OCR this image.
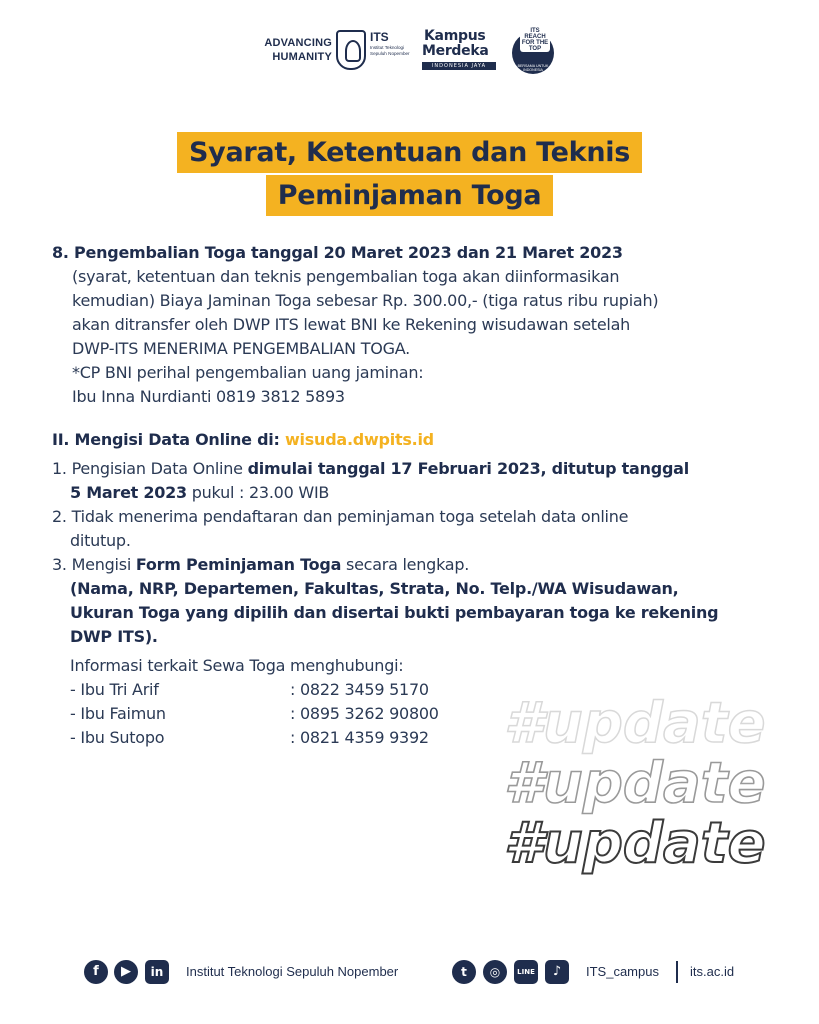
ADVANCING
HUMANITY
ITS
Institut Teknologi Sepuluh Nopember
Kampus
Merdeka
INDONESIA JAYA
ITS REACH FOR THE TOP
BERSAMA UNTUK INDONESIA
Syarat, Ketentuan dan Teknis
Peminjaman Toga
8. Pengembalian Toga tanggal 20 Maret 2023 dan 21 Maret 2023
(syarat, ketentuan dan teknis pengembalian toga akan diinformasikan
kemudian) Biaya Jaminan Toga sebesar Rp. 300.00,- (tiga ratus ribu rupiah)
akan ditransfer oleh DWP ITS lewat BNI ke Rekening wisudawan setelah
DWP-ITS MENERIMA PENGEMBALIAN TOGA.
*CP BNI perihal pengembalian uang jaminan:
Ibu Inna Nurdianti 0819 3812 5893
II. Mengisi Data Online di: wisuda.dwpits.id
1. Pengisian Data Online dimulai tanggal 17 Februari 2023, ditutup tanggal
5 Maret 2023 pukul : 23.00 WIB
2. Tidak menerima pendaftaran dan peminjaman toga setelah data online
ditutup.
3. Mengisi Form Peminjaman Toga secara lengkap.
(Nama, NRP, Departemen, Fakultas, Strata, No. Telp./WA Wisudawan,
Ukuran Toga yang dipilih dan disertai bukti pembayaran toga ke rekening
DWP ITS).
Informasi terkait Sewa Toga menghubungi:
- Ibu Tri Arif	: 0822 3459 5170
- Ibu Faimun	: 0895 3262 90800
- Ibu Sutopo	: 0821 4359 9392 #update
#update
#update
f	▶	in	Institut Teknologi Sepuluh Nopember	t	◎	LINE	♪	ITS_campus its.ac.id
